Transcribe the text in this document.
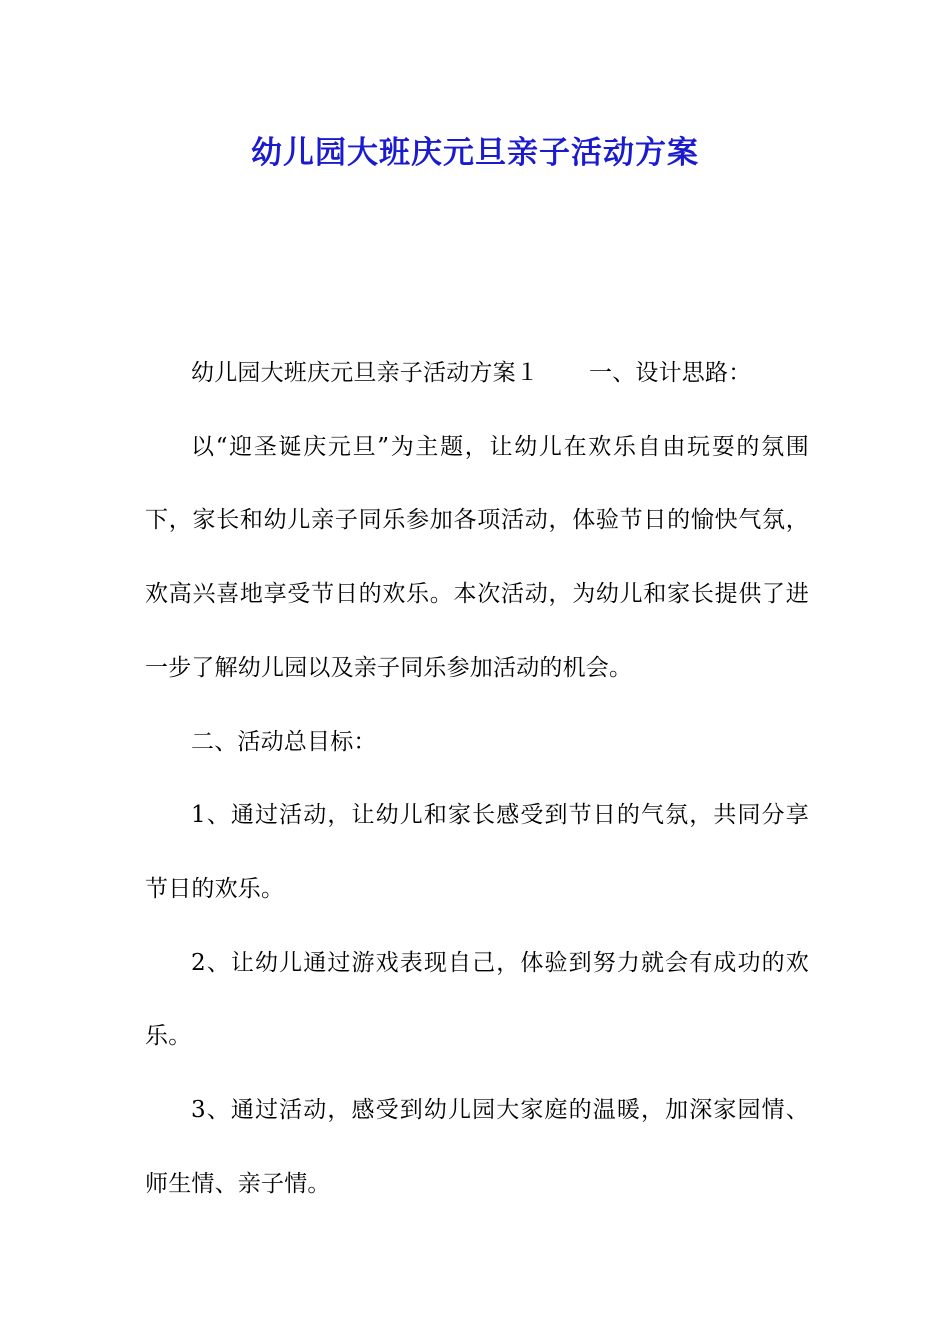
幼儿园大班庆元旦亲子活动方案

幼儿园大班庆元旦亲子活动方案１ 一、设计思路：

以“迎圣诞庆元旦”为主题，让幼儿在欢乐自由玩耍的氛围下，家长和幼儿亲子同乐参加各项活动，体验节日的愉快气氛，欢高兴喜地享受节日的欢乐。本次活动，为幼儿和家长提供了进一步了解幼儿园以及亲子同乐参加活动的机会。

二、活动总目标：

1、通过活动，让幼儿和家长感受到节日的气氛，共同分享节日的欢乐。

2、让幼儿通过游戏表现自己，体验到努力就会有成功的欢乐。

3、通过活动，感受到幼儿园大家庭的温暖，加深家园情、师生情、亲子情。
